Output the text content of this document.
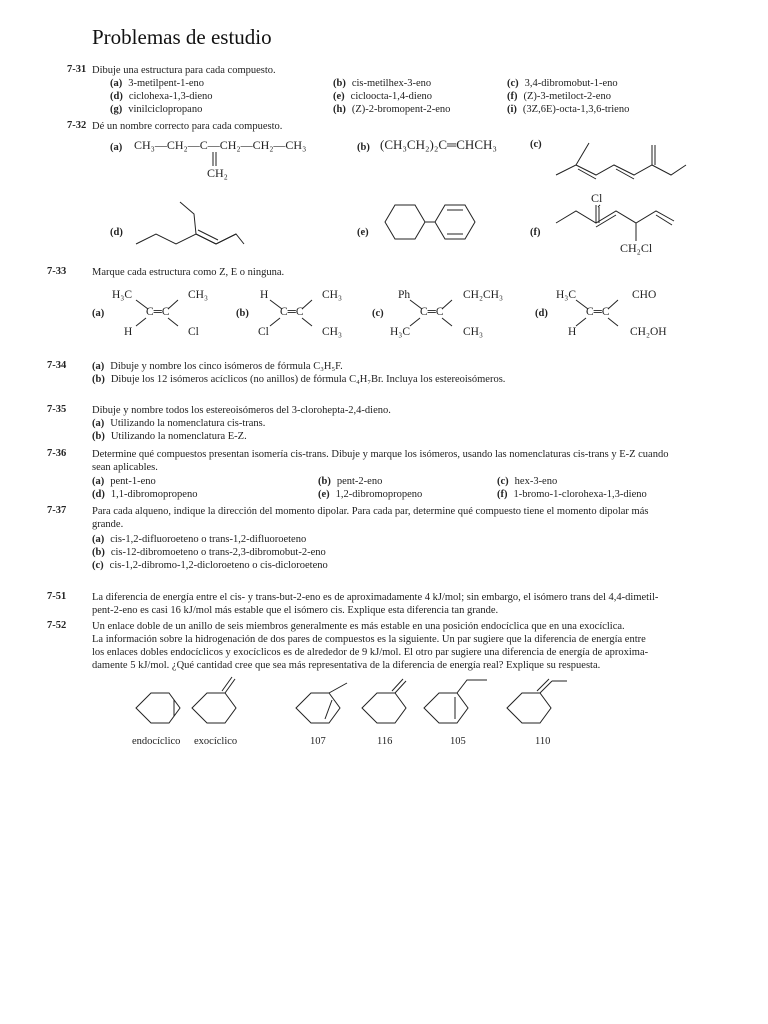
Problemas de estudio
7-31 Dibuje una estructura para cada compuesto.
(a) 3-metilpent-1-eno	(b) cis-metilhex-3-eno	(c) 3,4-dibromobut-1-eno
(d) ciclohexa-1,3-dieno	(e) cicloocta-1,4-dieno	(f) (Z)-3-metiloct-2-eno
(g) vinilciclopropano	(h) (Z)-2-bromopent-2-eno	(i) (3Z,6E)-octa-1,3,6-trieno
7-32 Dé un nombre correcto para cada compuesto.
(a) CH₃—CH₂—C—CH₂—CH₂—CH₃
CH₂
(b) (CH₃CH₂)₂C═CHCH₃	(c)
(d)	(e)	(f)
Cl
CH₂Cl
7-33 Marque cada estructura como Z, E o ninguna.
(a)
H₃C	CH₃
C═C
H	Cl
(b)
H	CH₃
C═C
Cl	CH₃
(c)
Ph	CH₂CH₃
C═C
H₃C	CH₃
(d)
H₃C	CHO
C═C
H	CH₂OH
7-34 (a) Dibuje y nombre los cinco isómeros de fórmula C₃H₅F.
(b) Dibuje los 12 isómeros acíclicos (no anillos) de fórmula C₄H₇Br. Incluya los estereoisómeros.
7-35 Dibuje y nombre todos los estereoisómeros del 3-clorohepta-2,4-dieno.
(a) Utilizando la nomenclatura cis-trans.
(b) Utilizando la nomenclatura E-Z.
7-36 Determine qué compuestos presentan isomería cis-trans. Dibuje y marque los isómeros, usando las nomenclaturas cis-trans y E-Z cuando
sean aplicables.
(a) pent-1-eno	(b) pent-2-eno	(c) hex-3-eno
(d) 1,1-dibromopropeno	(e) 1,2-dibromopropeno	(f) 1-bromo-1-clorohexa-1,3-dieno
7-37 Para cada alqueno, indique la dirección del momento dipolar. Para cada par, determine qué compuesto tiene el momento dipolar más
grande.
(a) cis-1,2-difluoroeteno o trans-1,2-difluoroeteno
(b) cis-12-dibromoeteno o trans-2,3-dibromobut-2-eno
(c) cis-1,2-dibromo-1,2-dicloroeteno o cis-dicloroeteno
7-51 La diferencia de energía entre el cis- y trans-but-2-eno es de aproximadamente 4 kJ/mol; sin embargo, el isómero trans del 4,4-dimetil-
pent-2-eno es casi 16 kJ/mol más estable que el isómero cis. Explique esta diferencia tan grande.
7-52 Un enlace doble de un anillo de seis miembros generalmente es más estable en una posición endocíclica que en una exocíclica.
La información sobre la hidrogenación de dos pares de compuestos es la siguiente. Un par sugiere que la diferencia de energía entre
los enlaces dobles endocíclicos y exocíclicos es de alrededor de 9 kJ/mol. El otro par sugiere una diferencia de energía de aproxima-
damente 5 kJ/mol. ¿Qué cantidad cree que sea más representativa de la diferencia de energía real? Explique su respuesta.
endocíclico exocíclico	107	116	105	110
